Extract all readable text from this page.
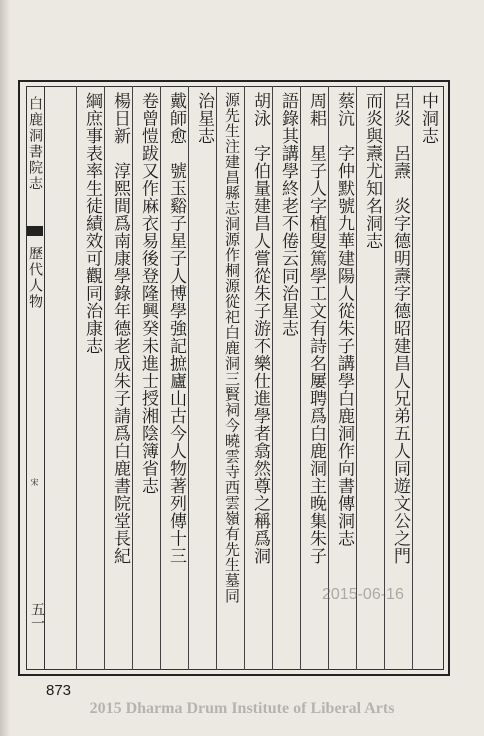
白鹿洞書院志
歷代人物
宋
五一
中洞志
呂炎　呂燾　炎字德明燾字德昭建昌人兄弟五人同遊文公之門
而炎與燾尤知名洞志
蔡沆　字仲默號九華建陽人從朱子講學白鹿洞作向書傳洞志
周耜　星子人字植叟篤學工文有詩名屢聘爲白鹿洞主晚集朱子
語錄其講學終老不倦云同治星志
胡泳　字伯量建昌人嘗從朱子游不樂仕進學者翕然尊之稱爲洞
源先生注建昌縣志洞源作桐源從祀白鹿洞三賢祠今曉雲寺西雲嶺有先生墓同
治星志
戴師愈　號玉谿子星子人博學強記摭廬山古今人物著列傳十三
卷曾愷跋又作麻衣易後登隆興癸未進士授湘陰簿省志
楊日新　淳熙間爲南康學錄年德老成朱子請爲白鹿書院堂長紀
綱庶事表率生徒績效可觀同治康志
2015-06-16
873
2015 Dharma Drum Institute of Liberal Arts
